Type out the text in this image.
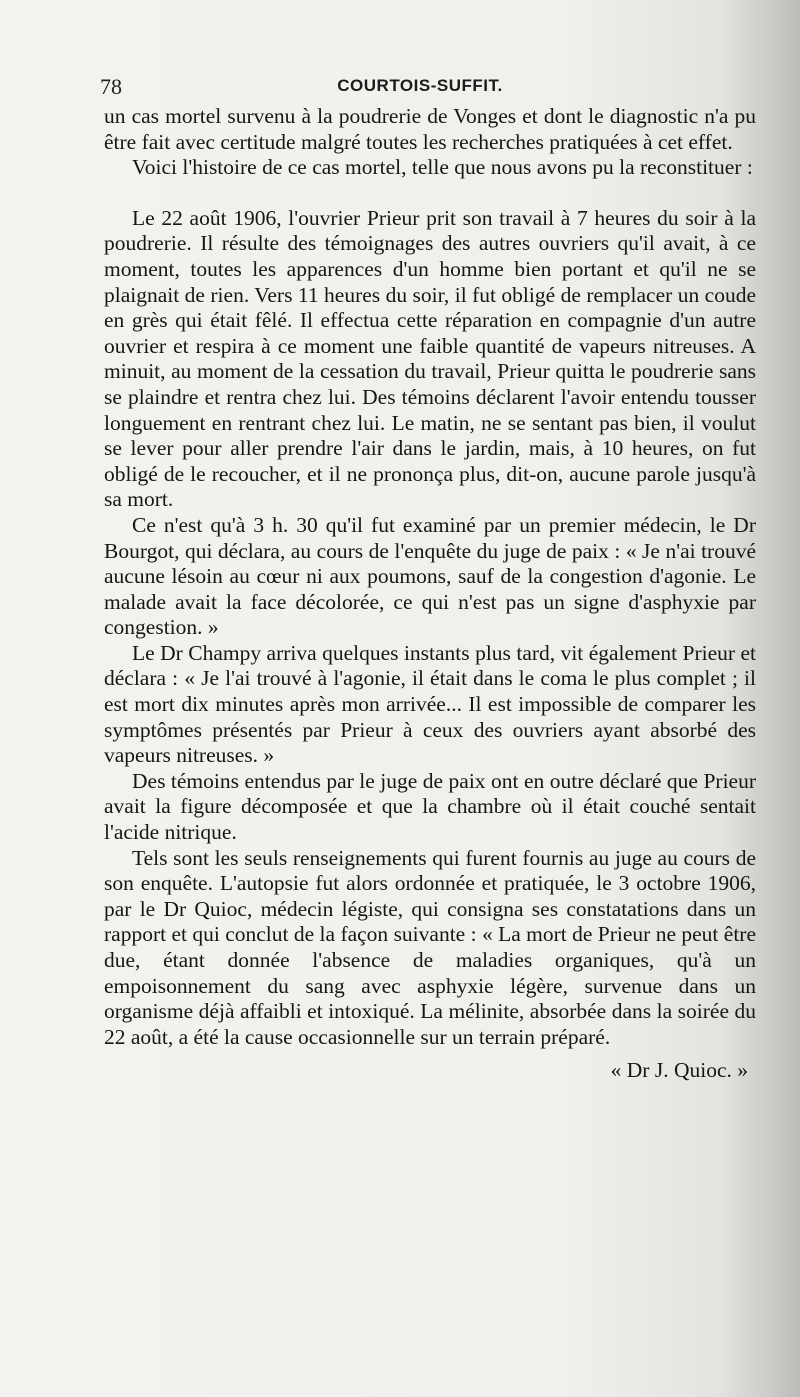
78	COURTOIS-SUFFIT.

un cas mortel survenu à la poudrerie de Vonges et dont le diagnostic n'a pu être fait avec certitude malgré toutes les recherches pratiquées à cet effet.

Voici l'histoire de ce cas mortel, telle que nous avons pu la reconstituer :

Le 22 août 1906, l'ouvrier Prieur prit son travail à 7 heures du soir à la poudrerie. Il résulte des témoignages des autres ouvriers qu'il avait, à ce moment, toutes les apparences d'un homme bien portant et qu'il ne se plaignait de rien. Vers 11 heures du soir, il fut obligé de remplacer un coude en grès qui était fêlé. Il effectua cette réparation en compagnie d'un autre ouvrier et respira à ce moment une faible quantité de vapeurs nitreuses. A minuit, au moment de la cessation du travail, Prieur quitta le poudrerie sans se plaindre et rentra chez lui. Des témoins déclarent l'avoir entendu tousser longuement en rentrant chez lui. Le matin, ne se sentant pas bien, il voulut se lever pour aller prendre l'air dans le jardin, mais, à 10 heures, on fut obligé de le recoucher, et il ne prononça plus, dit-on, aucune parole jusqu'à sa mort.

Ce n'est qu'à 3 h. 30 qu'il fut examiné par un premier médecin, le Dr Bourgot, qui déclara, au cours de l'enquête du juge de paix : « Je n'ai trouvé aucune lésoin au cœur ni aux poumons, sauf de la congestion d'agonie. Le malade avait la face décolorée, ce qui n'est pas un signe d'asphyxie par congestion. »

Le Dr Champy arriva quelques instants plus tard, vit également Prieur et déclara : « Je l'ai trouvé à l'agonie, il était dans le coma le plus complet ; il est mort dix minutes après mon arrivée... Il est impossible de comparer les symptômes présentés par Prieur à ceux des ouvriers ayant absorbé des vapeurs nitreuses. »

Des témoins entendus par le juge de paix ont en outre déclaré que Prieur avait la figure décomposée et que la chambre où il était couché sentait l'acide nitrique.

Tels sont les seuls renseignements qui furent fournis au juge au cours de son enquête. L'autopsie fut alors ordonnée et pratiquée, le 3 octobre 1906, par le Dr Quioc, médecin légiste, qui consigna ses constatations dans un rapport et qui conclut de la façon suivante : « La mort de Prieur ne peut être due, étant donnée l'absence de maladies organiques, qu'à un empoisonnement du sang avec asphyxie légère, survenue dans un organisme déjà affaibli et intoxiqué. La mélinite, absorbée dans la soirée du 22 août, a été la cause occasionnelle sur un terrain préparé.

« Dr J. Quioc. »
